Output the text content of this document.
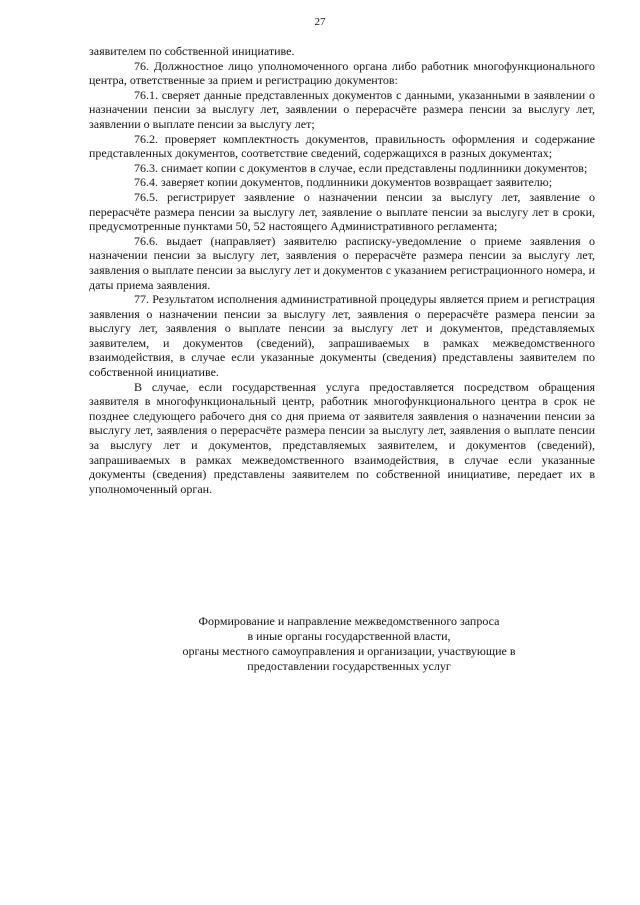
27

заявителем по собственной инициативе.

76. Должностное лицо уполномоченного органа либо работник многофункционального центра, ответственные за прием и регистрацию документов:

76.1. сверяет данные представленных документов с данными, указанными в заявлении о назначении пенсии за выслугу лет, заявлении о перерасчёте размера пенсии за выслугу лет, заявлении о выплате пенсии за выслугу лет;

76.2. проверяет комплектность документов, правильность оформления и содержание представленных документов, соответствие сведений, содержащихся в разных документах;

76.3. снимает копии с документов в случае, если представлены подлинники документов;

76.4. заверяет копии документов, подлинники документов возвращает заявителю;

76.5. регистрирует заявление о назначении пенсии за выслугу лет, заявление о перерасчёте размера пенсии за выслугу лет, заявление о выплате пенсии за выслугу лет в сроки, предусмотренные пунктами 50, 52 настоящего Административного регламента;

76.6. выдает (направляет) заявителю расписку-уведомление о приеме заявления о назначении пенсии за выслугу лет, заявления о перерасчёте размера пенсии за выслугу лет, заявления о выплате пенсии за выслугу лет и документов с указанием регистрационного номера, и даты приема заявления.

77. Результатом исполнения административной процедуры является прием и регистрация заявления о назначении пенсии за выслугу лет, заявления о перерасчёте размера пенсии за выслугу лет, заявления о выплате пенсии за выслугу лет и документов, представляемых заявителем, и документов (сведений), запрашиваемых в рамках межведомственного взаимодействия, в случае если указанные документы (сведения) представлены заявителем по собственной инициативе.

В случае, если государственная услуга предоставляется посредством обращения заявителя в многофункциональный центр, работник многофункционального центра в срок не позднее следующего рабочего дня со дня приема от заявителя заявления о назначении пенсии за выслугу лет, заявления о перерасчёте размера пенсии за выслугу лет, заявления о выплате пенсии за выслугу лет и документов, представляемых заявителем, и документов (сведений), запрашиваемых в рамках межведомственного взаимодействия, в случае если указанные документы (сведения) представлены заявителем по собственной инициативе, передает их в уполномоченный орган.

Формирование и направление межведомственного запроса
в иные органы государственной власти,
органы местного самоуправления и организации, участвующие в
предоставлении государственных услуг
